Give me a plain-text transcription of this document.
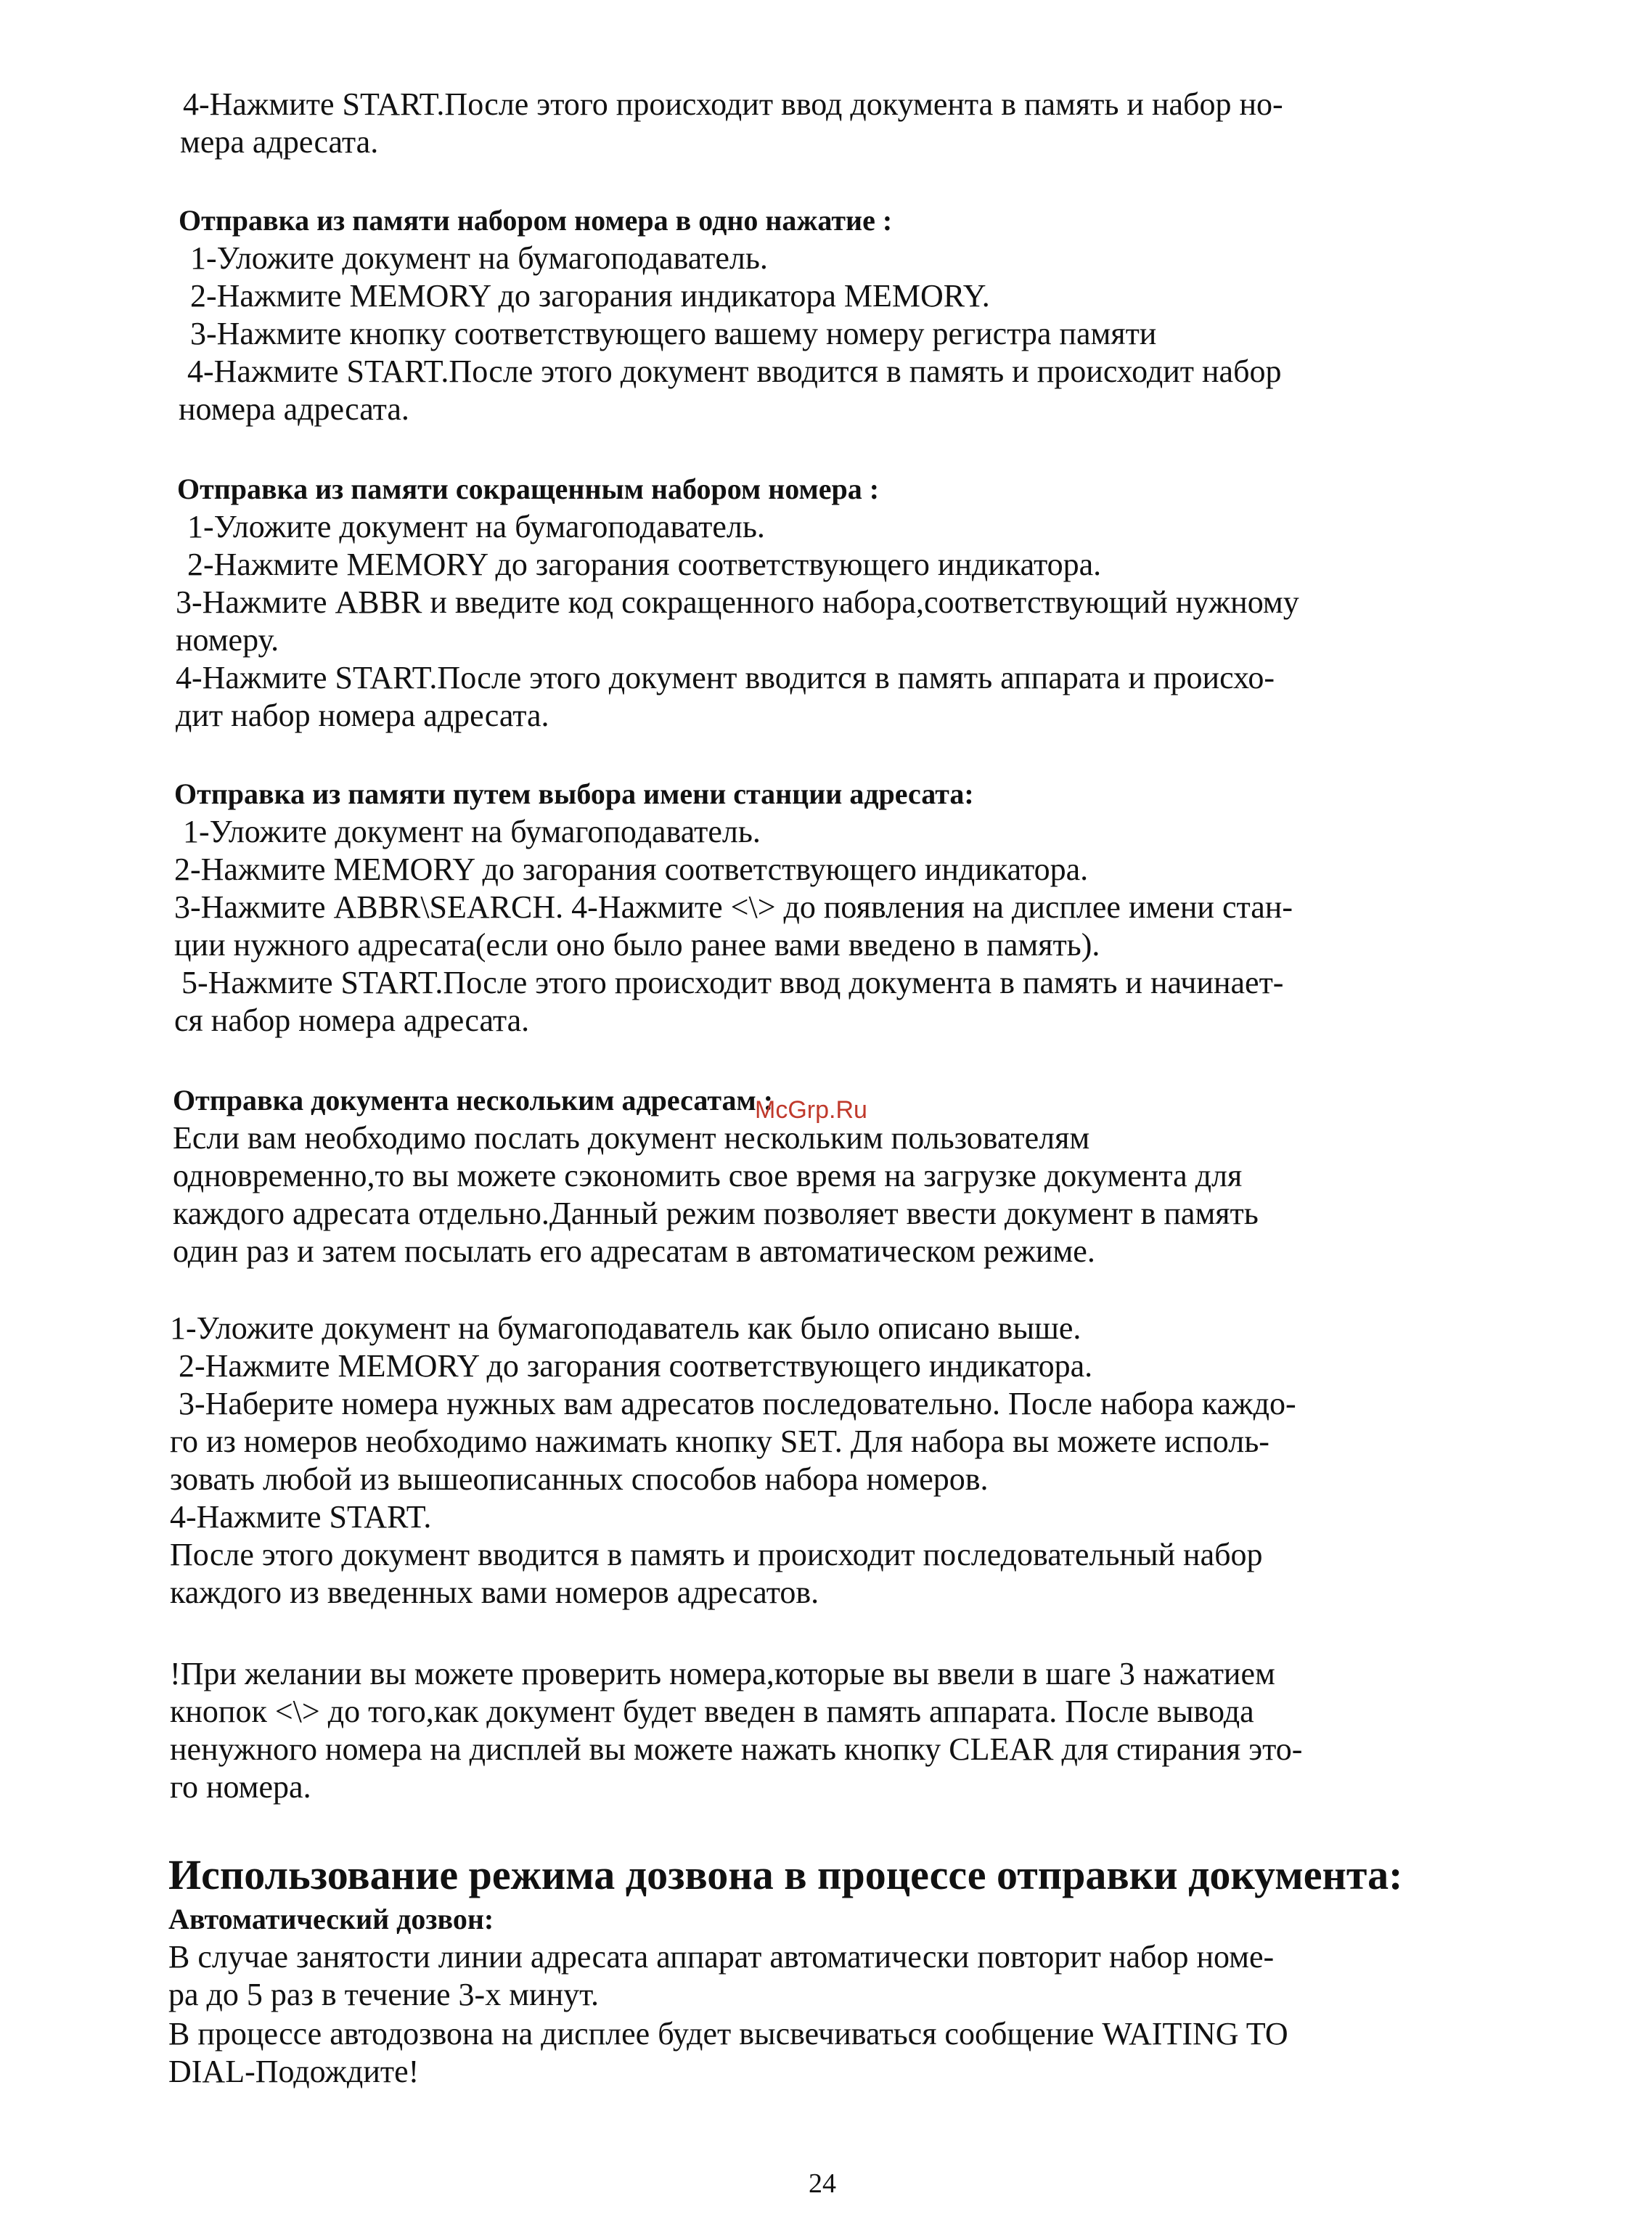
4-Нажмите START.После этого происходит ввод документа в память и набор но-
мера адресата.
Отправка из памяти набором номера в одно нажатие :
1-Уложите документ на бумагоподаватель.
2-Нажмите MEMORY до загорания индикатора MEMORY.
3-Нажмите кнопку соответствующего вашему номеру регистра памяти
4-Нажмите START.После этого документ вводится в память и происходит набор
номера адресата.
Отправка из памяти сокращенным набором номера :
1-Уложите документ на бумагоподаватель.
2-Нажмите MEMORY до загорания соответствующего индикатора.
3-Нажмите ABBR и введите код сокращенного набора,соответствующий нужному
номеру.
4-Нажмите START.После этого документ вводится в память аппарата и происхо-
дит набор номера адресата.
Отправка из памяти путем выбора имени станции адресата:
1-Уложите документ на бумагоподаватель.
2-Нажмите MEMORY до загорания соответствующего индикатора.
3-Нажмите ABBR\SEARCH. 4-Нажмите <\> до появления на дисплее имени стан-
ции нужного адресата(если оно было ранее вами введено в память).
5-Нажмите START.После этого происходит ввод документа в память и начинает-
ся набор номера адресата.
Отправка документа нескольким адресатам :
McGrp.Ru
Если вам необходимо послать документ нескольким пользователям
одновременно,то вы можете сэкономить свое время на загрузке документа для
каждого адресата отдельно.Данный режим позволяет ввести документ в память
один раз и затем посылать его адресатам в автоматическом режиме.
1-Уложите документ на бумагоподаватель как было описано выше.
2-Нажмите MEMORY до загорания соответствующего индикатора.
3-Наберите номера нужных вам адресатов последовательно. После набора каждо-
го из номеров необходимо нажимать кнопку SET. Для набора вы можете исполь-
зовать любой из вышеописанных способов набора номеров.
4-Нажмите START.
После этого документ вводится в память и происходит последовательный набор
каждого из введенных вами номеров адресатов.
!При желании вы можете проверить номера,которые вы ввели в шаге 3 нажатием
кнопок <\> до того,как документ будет введен в память аппарата. После вывода
ненужного номера на дисплей вы можете нажать кнопку CLEAR для стирания это-
го номера.
Использование режима дозвона в процессе отправки документа:
Автоматический дозвон:
В случае занятости линии адресата аппарат автоматически повторит набор номе-
ра до 5 раз в течение 3-х минут.
В процессе автодозвона на дисплее будет высвечиваться сообщение WAITING TO
DIAL-Подождите!
24
